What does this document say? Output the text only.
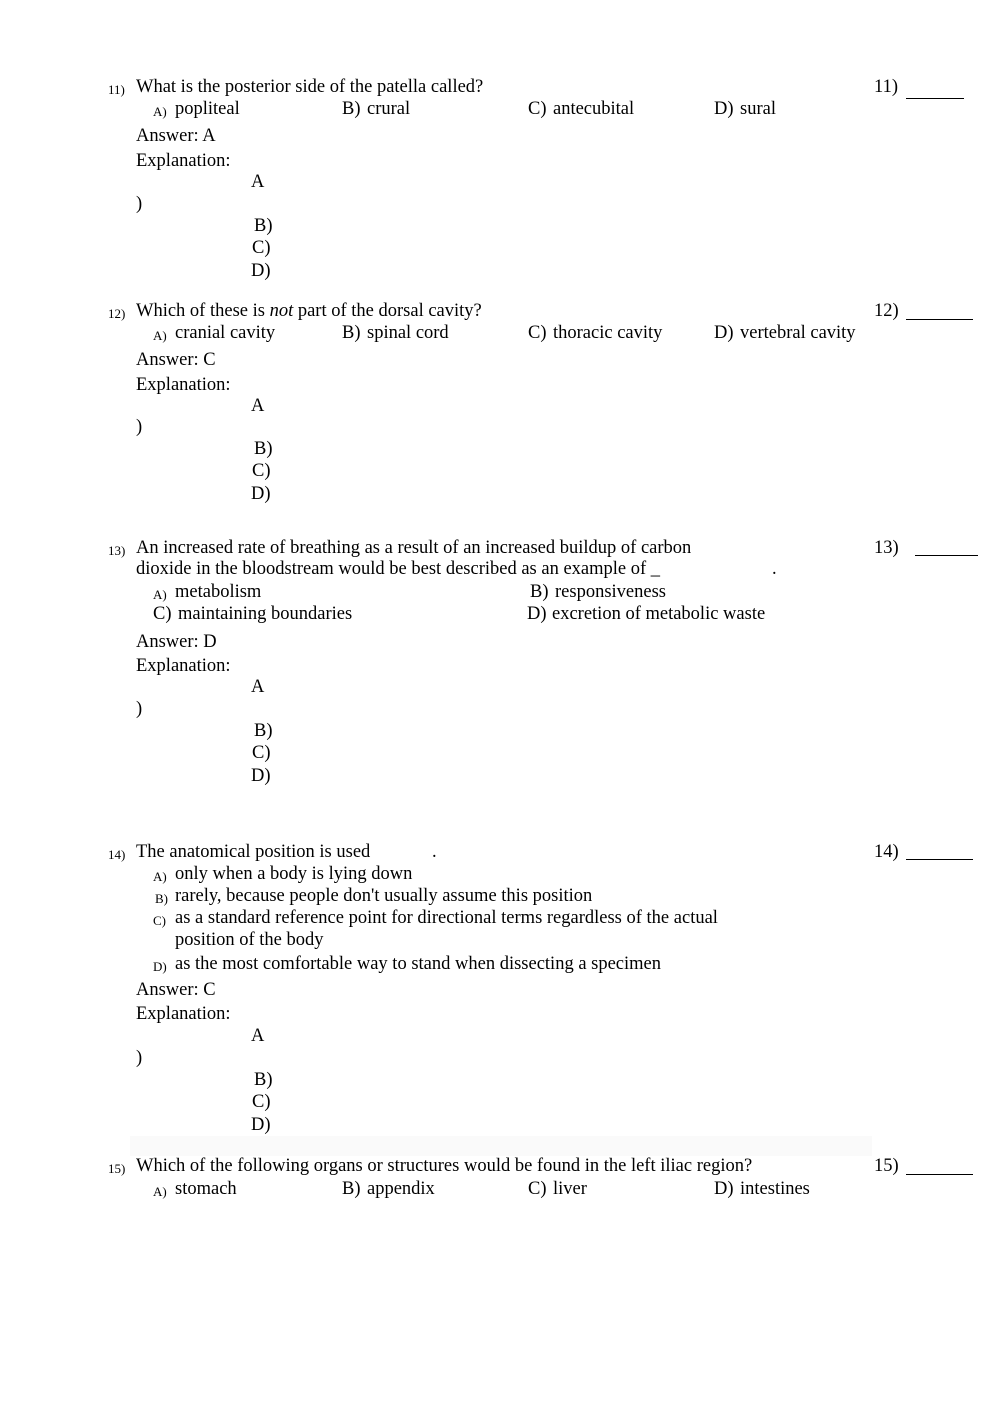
11) What is the posterior side of the patella called?	11)
A) popliteal	B) crural	C) antecubital	D) sural
Answer: A
Explanation:
A
)
B)
C)
D)
12) Which of these is not part of the dorsal cavity?	12)
A) cranial cavity	B) spinal cord	C) thoracic cavity	D) vertebral cavity
Answer: C
Explanation:
A
)
B)
C)
D)
13) An increased rate of breathing as a result of an increased buildup of carbon
dioxide in the bloodstream would be best described as an example of _	.
13)
A) metabolism	B) responsiveness
C) maintaining boundaries	D) excretion of metabolic waste
Answer: D
Explanation:
A
)
B)
C)
D)
14) The anatomical position is used	.	14)
A) only when a body is lying down
B) rarely, because people don't usually assume this position
C) as a standard reference point for directional terms regardless of the actual
position of the body
D) as the most comfortable way to stand when dissecting a specimen
Answer: C
Explanation:
A
)
B)
C)
D)
15) Which of the following organs or structures would be found in the left iliac region?	15)
A) stomach	B) appendix	C) liver	D) intestines
